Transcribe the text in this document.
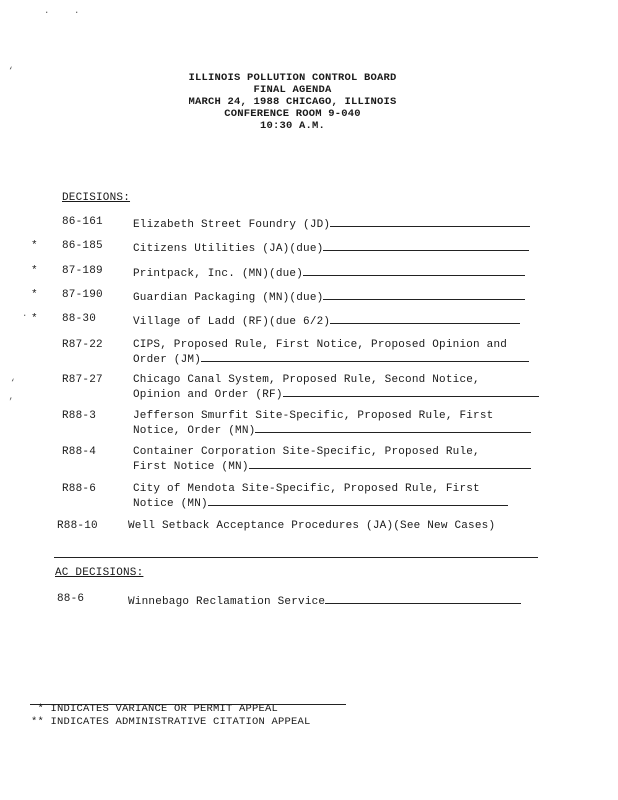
‘
‘
’
·
·	·
ILLINOIS POLLUTION CONTROL BOARD
FINAL AGENDA
MARCH 24, 1988 CHICAGO, ILLINOIS
CONFERENCE ROOM 9-040
10:30 A.M.
DECISIONS:
86-161	Elizabeth Street Foundry (JD)
* 86-185	Citizens Utilities (JA)(due)
* 87-189	Printpack, Inc. (MN)(due)
* 87-190	Guardian Packaging (MN)(due)
* 88-30	Village of Ladd (RF)(due 6/2)
R87-22	CIPS, Proposed Rule, First Notice, Proposed Opinion and
Order (JM)
R87-27	Chicago Canal System, Proposed Rule, Second Notice,
Opinion and Order (RF)
R88-3	Jefferson Smurfit Site-Specific, Proposed Rule, First
Notice, Order (MN)
R88-4	Container Corporation Site-Specific, Proposed Rule,
First Notice (MN)
R88-6	City of Mendota Site-Specific, Proposed Rule, First
Notice (MN)
R88-10	Well Setback Acceptance Procedures (JA)(See New Cases)
AC DECISIONS:
88-6	Winnebago Reclamation Service
* INDICATES VARIANCE OR PERMIT APPEAL
** INDICATES ADMINISTRATIVE CITATION APPEAL
